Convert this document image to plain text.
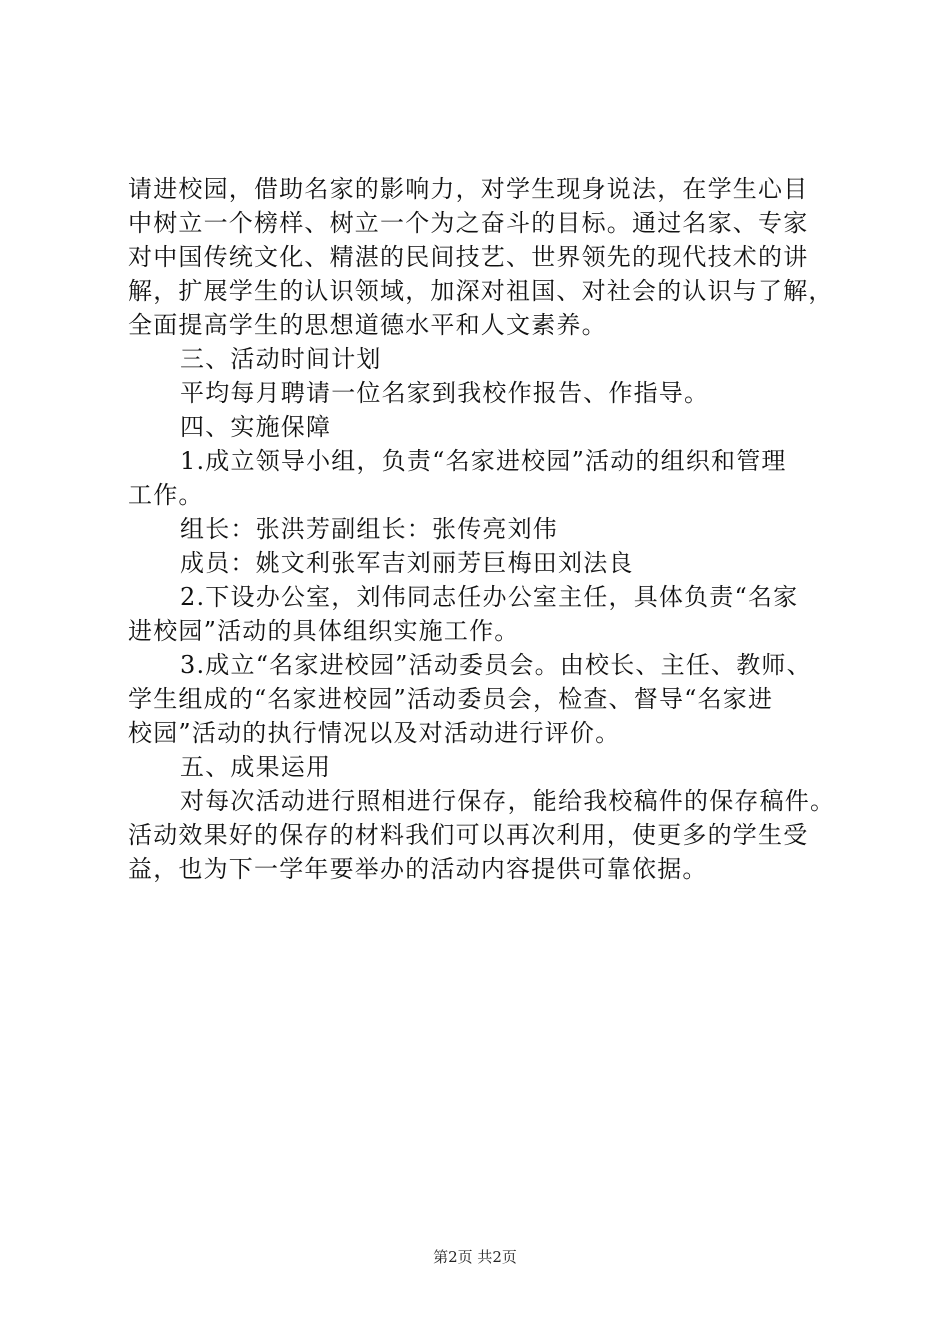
请进校园，借助名家的影响力，对学生现身说法，在学生心目
中树立一个榜样、树立一个为之奋斗的目标。通过名家、专家
对中国传统文化、精湛的民间技艺、世界领先的现代技术的讲
解，扩展学生的认识领域，加深对祖国、对社会的认识与了解，
全面提高学生的思想道德水平和人文素养。
三、活动时间计划
平均每月聘请一位名家到我校作报告、作指导。
四、实施保障
1.成立领导小组，负责“名家进校园”活动的组织和管理
工作。
组长：张洪芳副组长：张传亮刘伟
成员：姚文利张军吉刘丽芳巨梅田刘法良
2.下设办公室，刘伟同志任办公室主任，具体负责“名家
进校园”活动的具体组织实施工作。
3.成立“名家进校园”活动委员会。由校长、主任、教师、
学生组成的“名家进校园”活动委员会，检查、督导“名家进
校园”活动的执行情况以及对活动进行评价。
五、成果运用
对每次活动进行照相进行保存，能给我校稿件的保存稿件。
活动效果好的保存的材料我们可以再次利用，使更多的学生受
益，也为下一学年要举办的活动内容提供可靠依据。
第2页 共2页
